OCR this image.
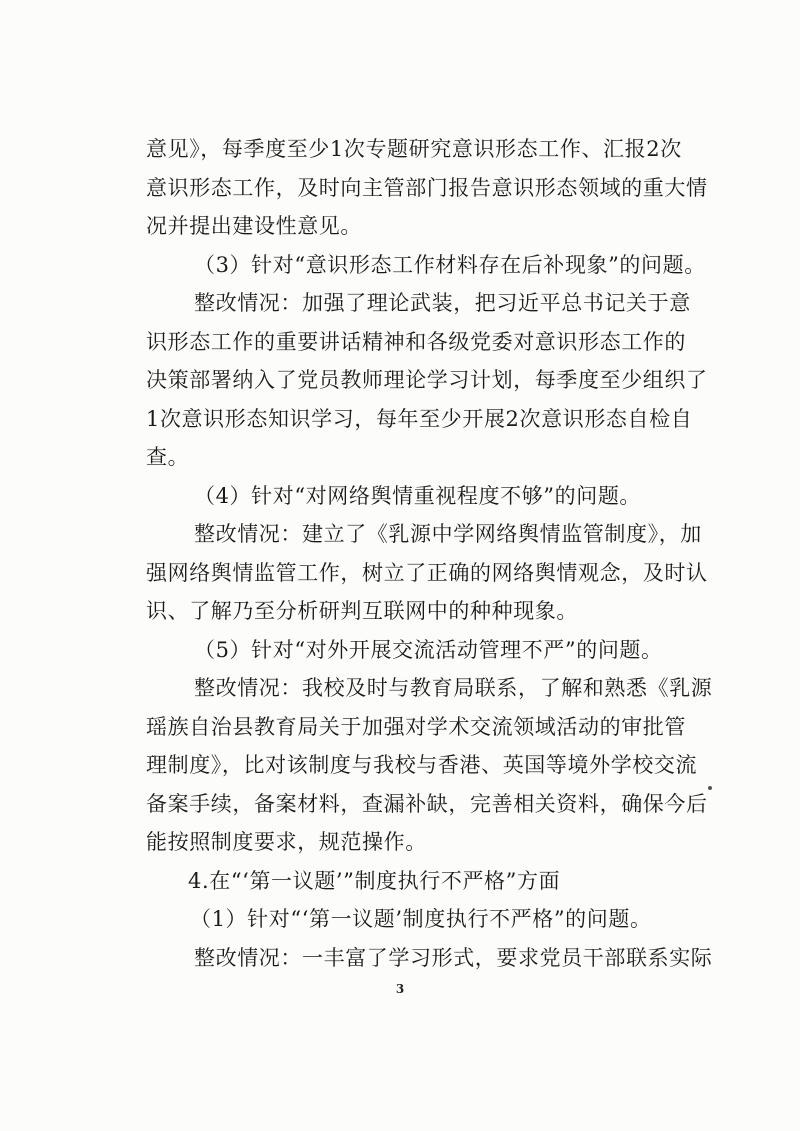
意见》，每季度至少1次专题研究意识形态工作、汇报2次
意识形态工作，及时向主管部门报告意识形态领域的重大情
况并提出建设性意见。
（3）针对“意识形态工作材料存在后补现象”的问题。
整改情况：加强了理论武装，把习近平总书记关于意
识形态工作的重要讲话精神和各级党委对意识形态工作的
决策部署纳入了党员教师理论学习计划，每季度至少组织了
1次意识形态知识学习，每年至少开展2次意识形态自检自
查。
（4）针对“对网络舆情重视程度不够”的问题。
整改情况：建立了《乳源中学网络舆情监管制度》，加
强网络舆情监管工作，树立了正确的网络舆情观念，及时认
识、了解乃至分析研判互联网中的种种现象。
（5）针对“对外开展交流活动管理不严”的问题。
整改情况：我校及时与教育局联系，了解和熟悉《乳源
瑶族自治县教育局关于加强对学术交流领域活动的审批管
理制度》，比对该制度与我校与香港、英国等境外学校交流
备案手续，备案材料，查漏补缺，完善相关资料，确保今后
能按照制度要求，规范操作。
4.在“‘第一议题’”制度执行不严格”方面
（1）针对“‘第一议题’制度执行不严格”的问题。
整改情况：一丰富了学习形式，要求党员干部联系实际
3
